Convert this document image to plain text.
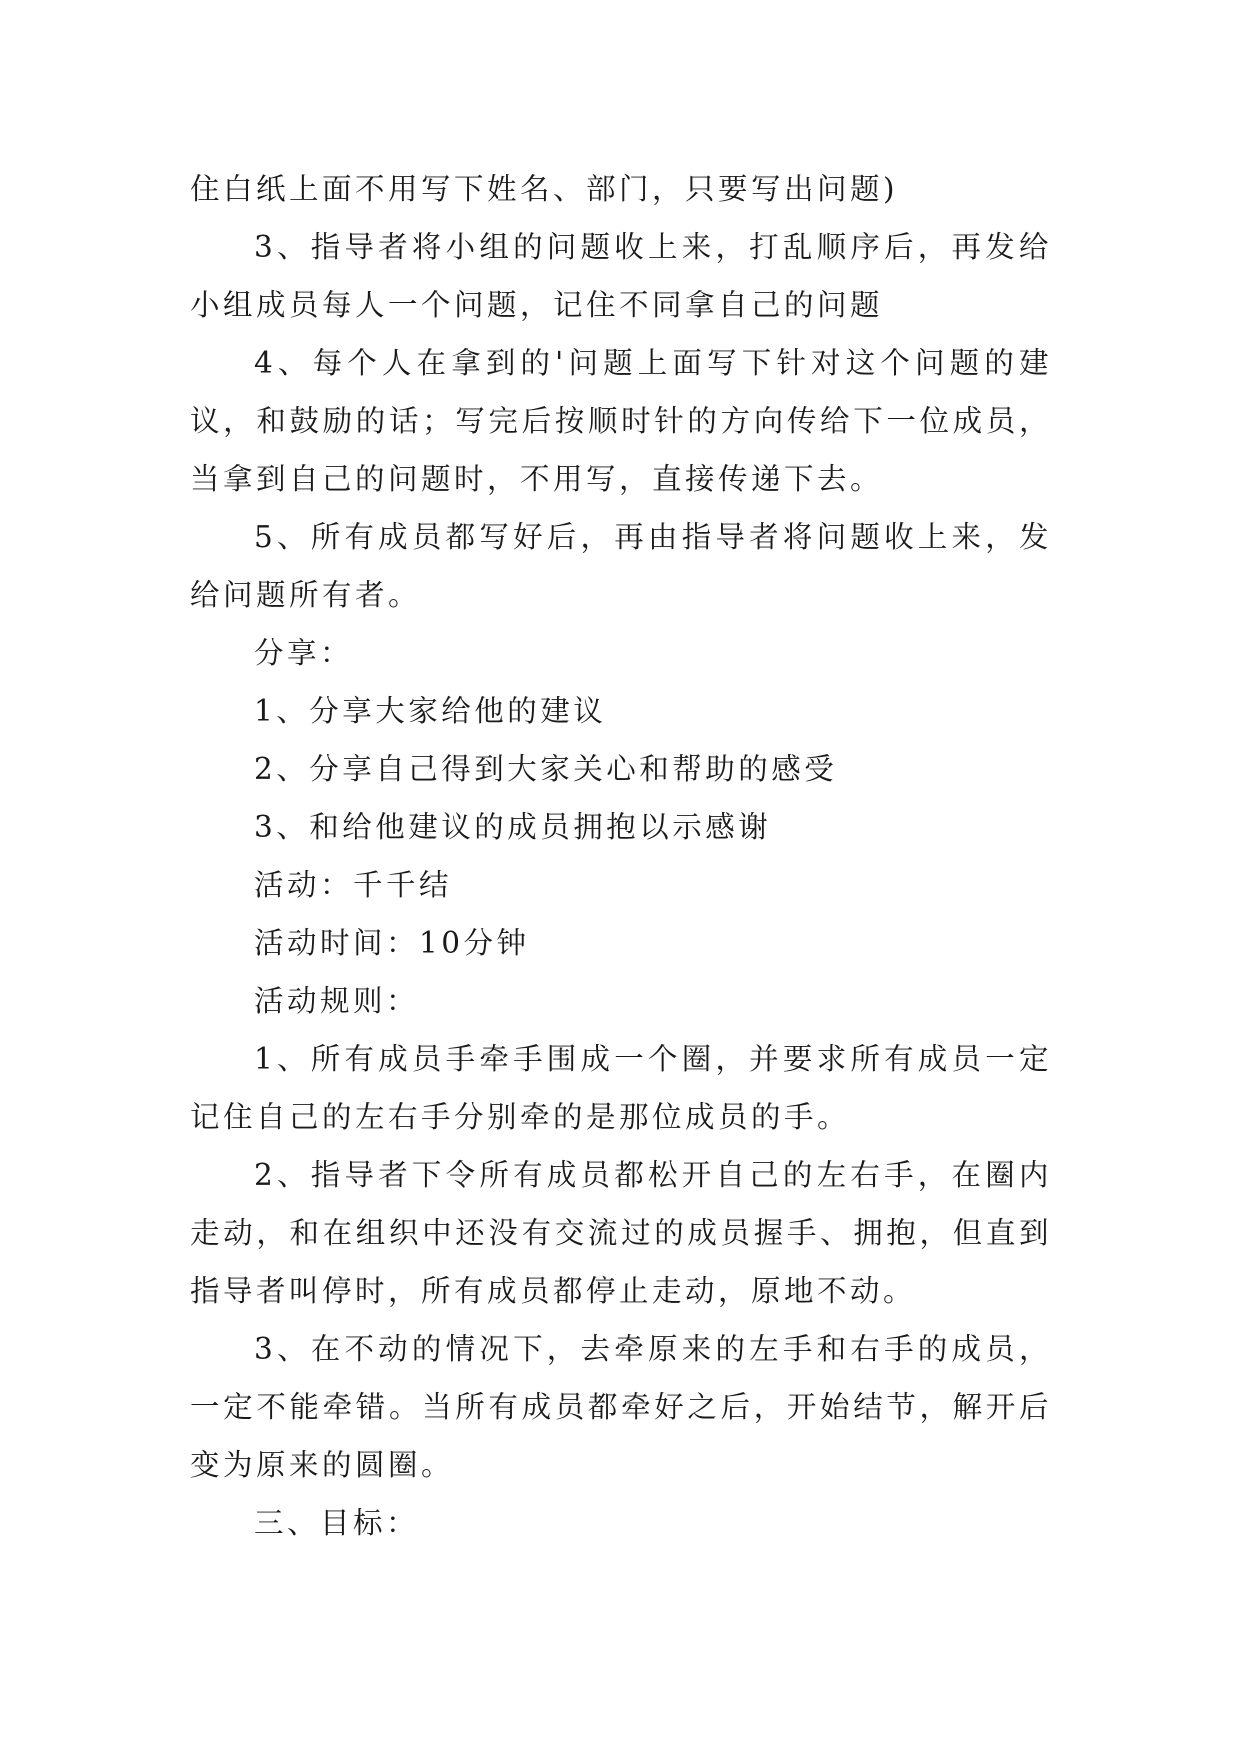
住白纸上面不用写下姓名、部门，只要写出问题)

3、指导者将小组的问题收上来，打乱顺序后，再发给小组成员每人一个问题，记住不同拿自己的问题

4、每个人在拿到的'问题上面写下针对这个问题的建议，和鼓励的话；写完后按顺时针的方向传给下一位成员，当拿到自己的问题时，不用写，直接传递下去。

5、所有成员都写好后，再由指导者将问题收上来，发给问题所有者。

分享：

1、分享大家给他的建议

2、分享自己得到大家关心和帮助的感受

3、和给他建议的成员拥抱以示感谢

活动：千千结

活动时间：10分钟

活动规则：

1、所有成员手牵手围成一个圈，并要求所有成员一定记住自己的左右手分别牵的是那位成员的手。

2、指导者下令所有成员都松开自己的左右手，在圈内走动，和在组织中还没有交流过的成员握手、拥抱，但直到指导者叫停时，所有成员都停止走动，原地不动。

3、在不动的情况下，去牵原来的左手和右手的成员，一定不能牵错。当所有成员都牵好之后，开始结节，解开后变为原来的圆圈。

三、目标：
